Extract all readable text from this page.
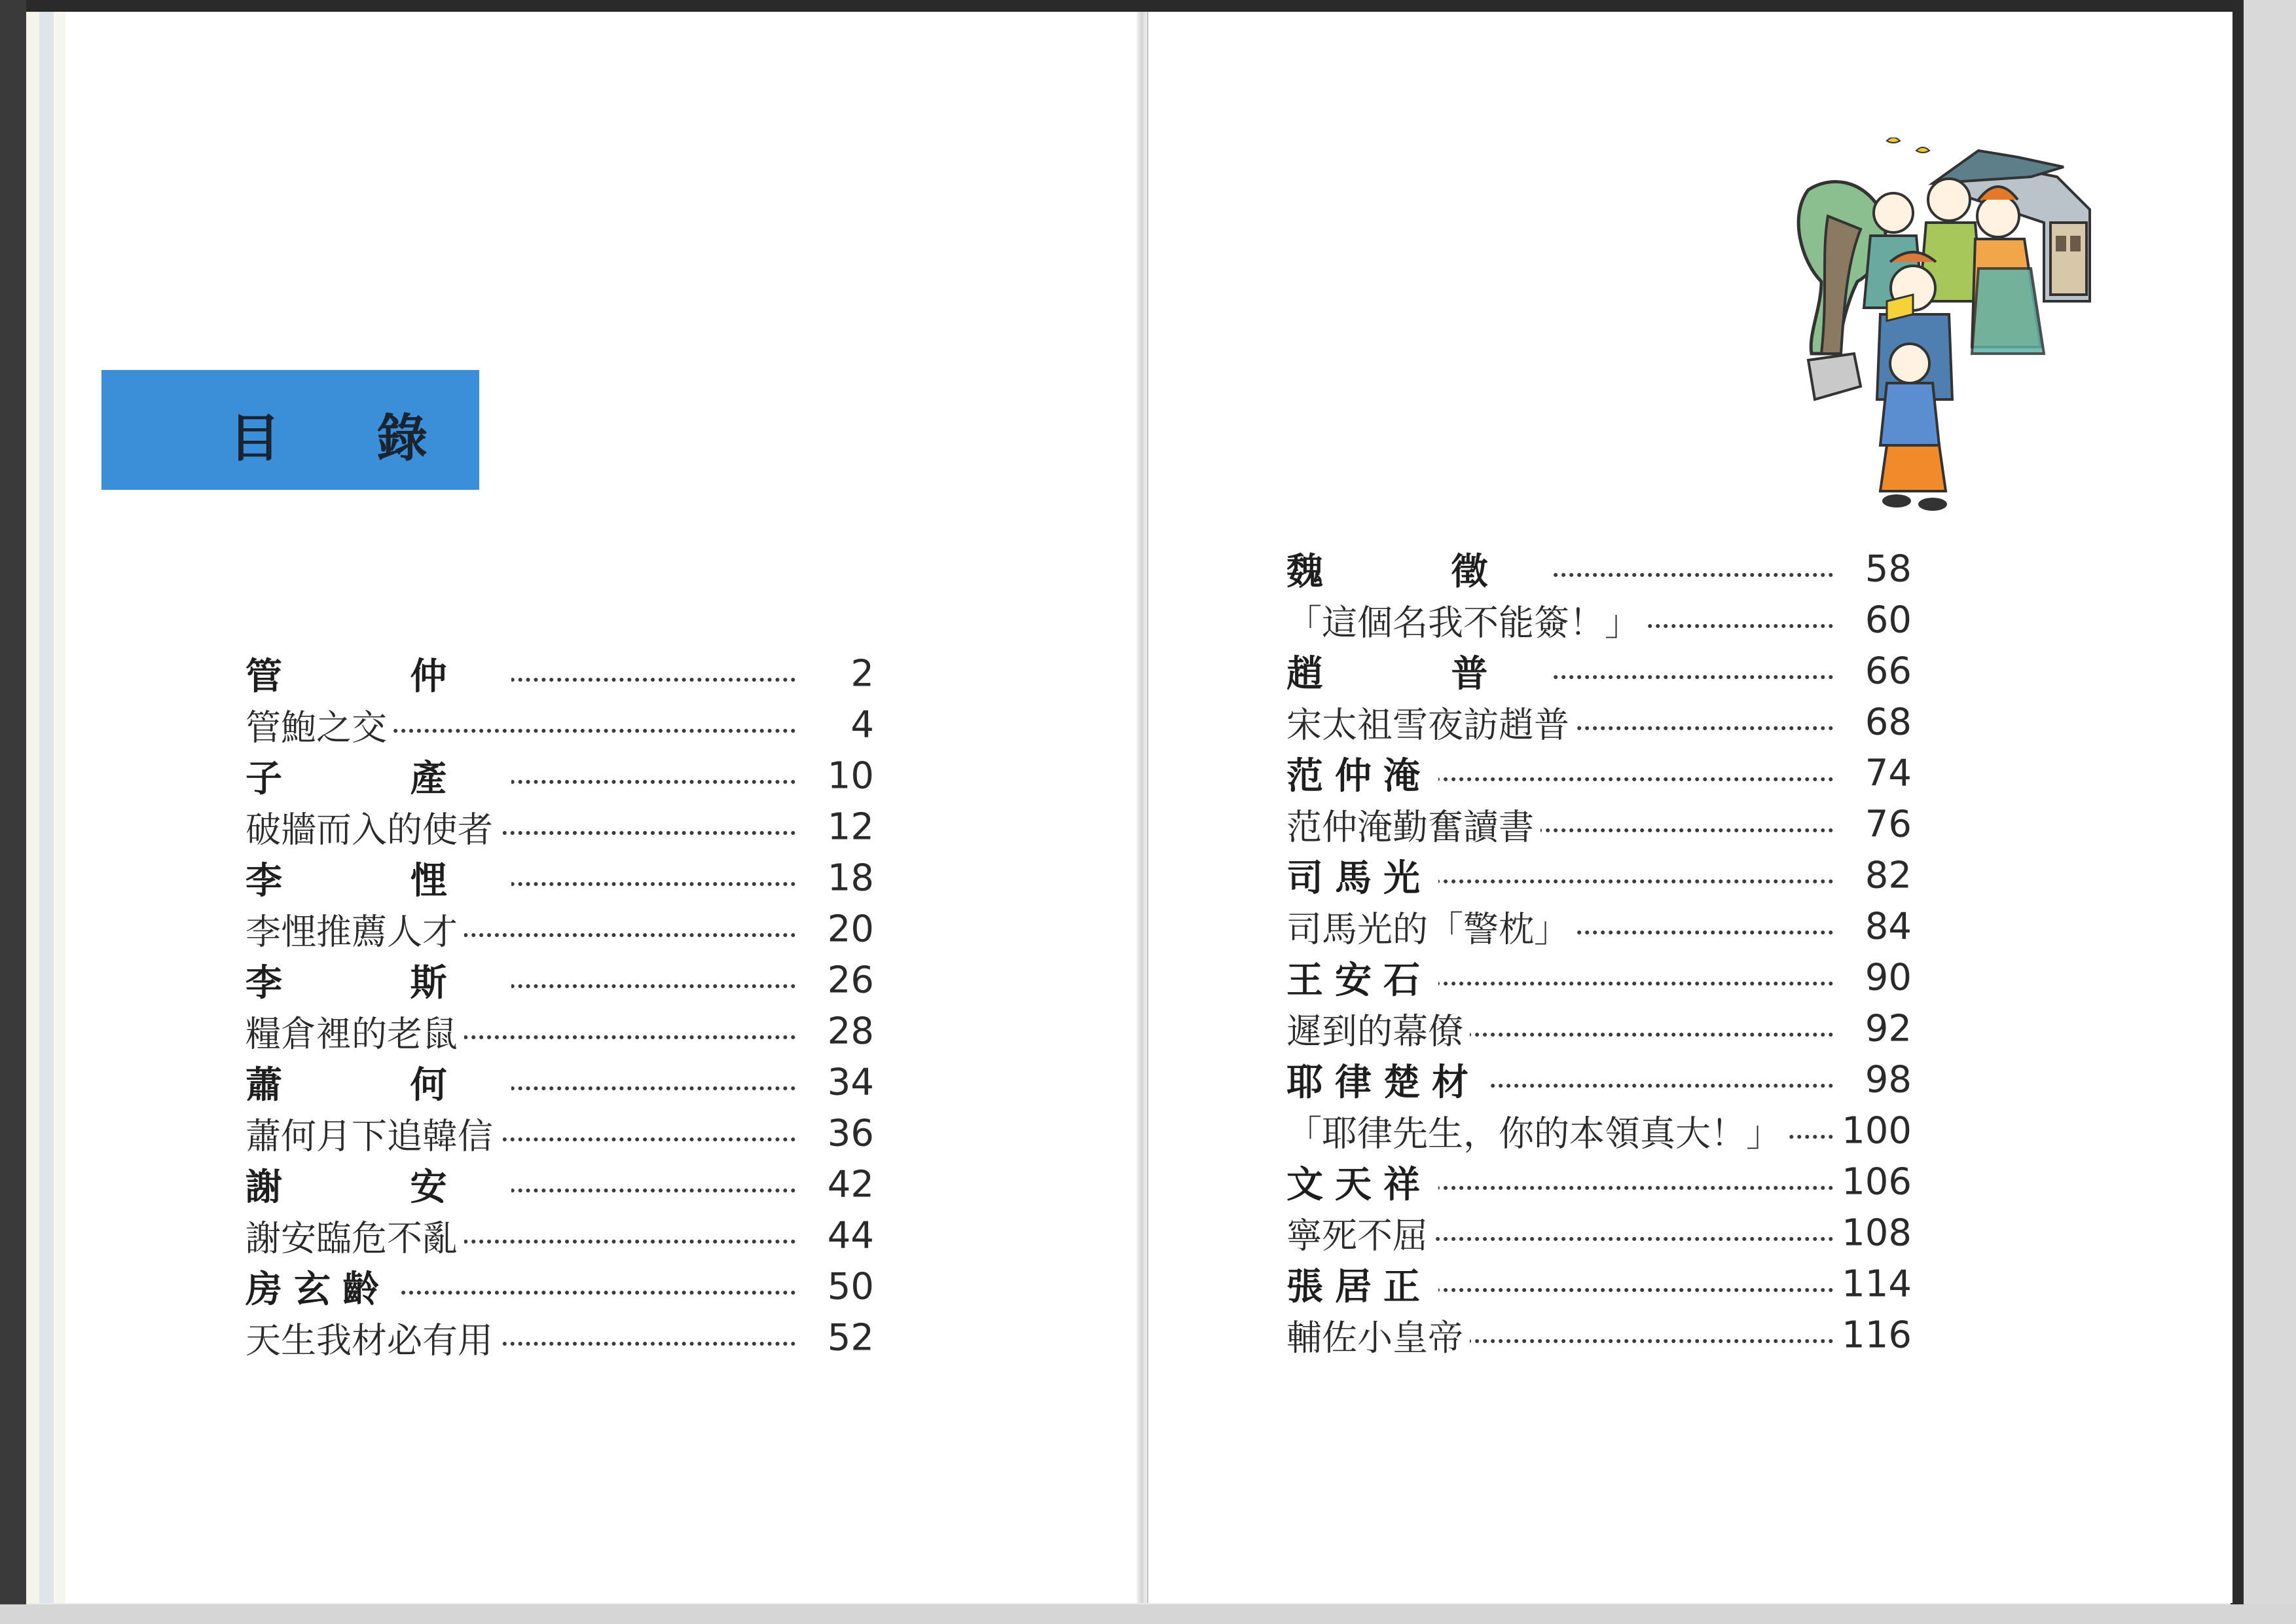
目 錄
管 仲	2
管鮑之交	4
子 產	10
破牆而入的使者	12
李 悝	18
李悝推薦人才	20
李 斯	26
糧倉裡的老鼠	28
蕭 何	34
蕭何月下追韓信	36
謝 安	42
謝安臨危不亂	44
房玄齡	50
天生我材必有用	52
魏 徵	58
「這個名我不能簽！」	60
趙 普	66
宋太祖雪夜訪趙普	68
范仲淹	74
范仲淹勤奮讀書	76
司馬光	82
司馬光的「警枕」	84
王安石	90
遲到的幕僚	92
耶律楚材	98
「耶律先生，你的本領真大！」 100
文天祥	106
寧死不屈	108
張居正	114
輔佐小皇帝	116
